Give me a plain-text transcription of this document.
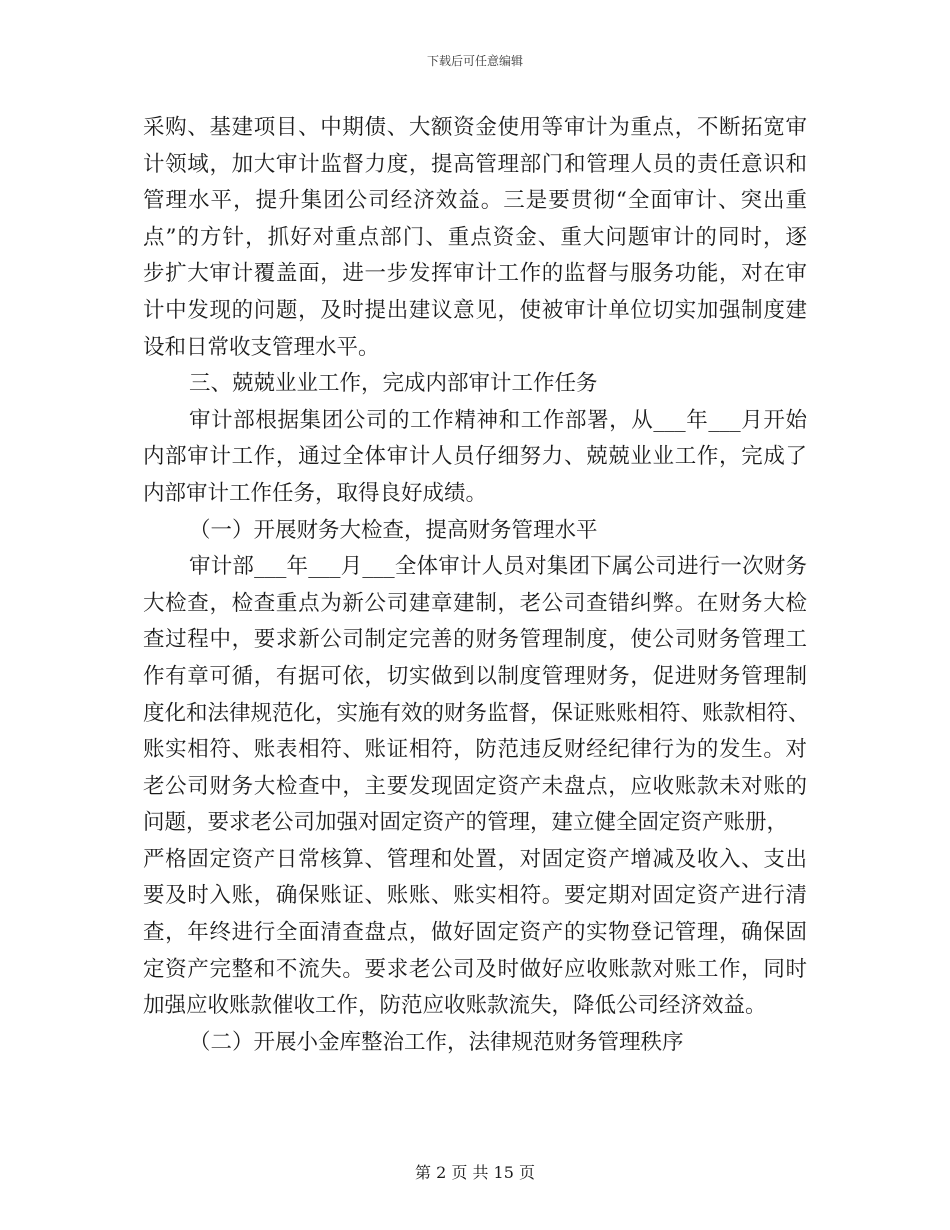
下载后可任意编辑
采购、基建项目、中期债、大额资金使用等审计为重点，不断拓宽审
计领域，加大审计监督力度，提高管理部门和管理人员的责任意识和
管理水平，提升集团公司经济效益。三是要贯彻“全面审计、突出重
点”的方针，抓好对重点部门、重点资金、重大问题审计的同时，逐
步扩大审计覆盖面，进一步发挥审计工作的监督与服务功能，对在审
计中发现的问题，及时提出建议意见，使被审计单位切实加强制度建
设和日常收支管理水平。
三、兢兢业业工作，完成内部审计工作任务
审计部根据集团公司的工作精神和工作部署，从___年___月开始
内部审计工作，通过全体审计人员仔细努力、兢兢业业工作，完成了
内部审计工作任务，取得良好成绩。
（一）开展财务大检查，提高财务管理水平
审计部___年___月___全体审计人员对集团下属公司进行一次财务
大检查，检查重点为新公司建章建制，老公司查错纠弊。在财务大检
查过程中，要求新公司制定完善的财务管理制度，使公司财务管理工
作有章可循，有据可依，切实做到以制度管理财务，促进财务管理制
度化和法律规范化，实施有效的财务监督，保证账账相符、账款相符、
账实相符、账表相符、账证相符，防范违反财经纪律行为的发生。对
老公司财务大检查中，主要发现固定资产未盘点，应收账款未对账的
问题，要求老公司加强对固定资产的管理，建立健全固定资产账册，
严格固定资产日常核算、管理和处置，对固定资产增减及收入、支出
要及时入账，确保账证、账账、账实相符。要定期对固定资产进行清
查，年终进行全面清查盘点，做好固定资产的实物登记管理，确保固
定资产完整和不流失。要求老公司及时做好应收账款对账工作，同时
加强应收账款催收工作，防范应收账款流失，降低公司经济效益。
（二）开展小金库整治工作，法律规范财务管理秩序
第 2 页 共 15 页
